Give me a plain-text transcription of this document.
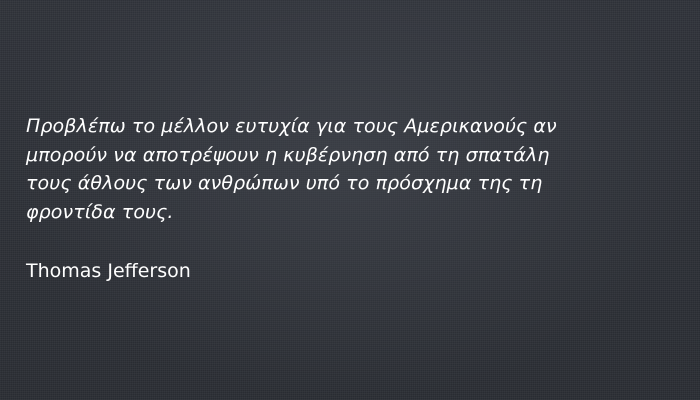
Προβλέπω το μέλλον ευτυχία για τους Αμερικανούς αν
μπορούν να αποτρέψουν η κυβέρνηση από τη σπατάλη
τους άθλους των ανθρώπων υπό το πρόσχημα της τη
φροντίδα τους.

Thomas Jefferson
